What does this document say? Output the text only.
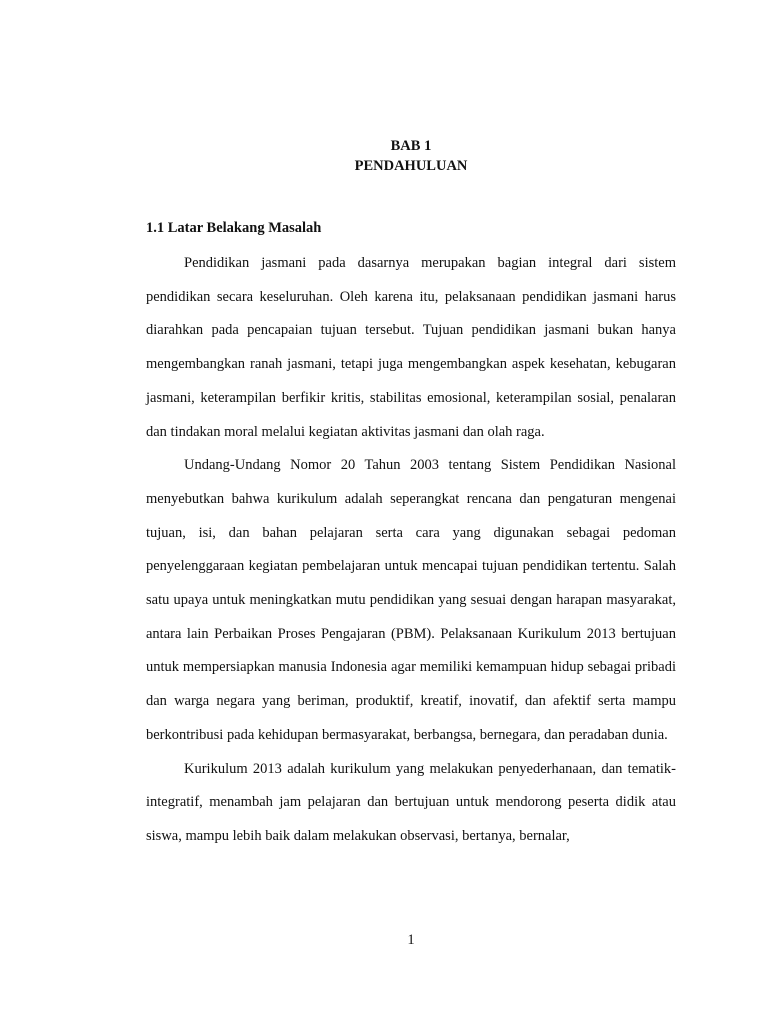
BAB 1
PENDAHULUAN
1.1 Latar Belakang Masalah

Pendidikan jasmani pada dasarnya merupakan bagian integral dari sistem pendidikan secara keseluruhan. Oleh karena itu, pelaksanaan pendidikan jasmani harus diarahkan pada pencapaian tujuan tersebut. Tujuan pendidikan jasmani bukan hanya mengembangkan ranah jasmani, tetapi juga mengembangkan aspek kesehatan, kebugaran jasmani, keterampilan berfikir kritis, stabilitas emosional, keterampilan sosial, penalaran dan tindakan moral melalui kegiatan aktivitas jasmani dan olah raga.

Undang-Undang Nomor 20 Tahun 2003 tentang Sistem Pendidikan Nasional menyebutkan bahwa kurikulum adalah seperangkat rencana dan pengaturan mengenai tujuan, isi, dan bahan pelajaran serta cara yang digunakan sebagai pedoman penyelenggaraan kegiatan pembelajaran untuk mencapai tujuan pendidikan tertentu. Salah satu upaya untuk meningkatkan mutu pendidikan yang sesuai dengan harapan masyarakat, antara lain Perbaikan Proses Pengajaran (PBM). Pelaksanaan Kurikulum 2013 bertujuan untuk mempersiapkan manusia Indonesia agar memiliki kemampuan hidup sebagai pribadi dan warga negara yang beriman, produktif, kreatif, inovatif, dan afektif serta mampu berkontribusi pada kehidupan bermasyarakat, berbangsa, bernegara, dan peradaban dunia.

Kurikulum 2013 adalah kurikulum yang melakukan penyederhanaan, dan tematik-integratif, menambah jam pelajaran dan bertujuan untuk mendorong peserta didik atau siswa, mampu lebih baik dalam melakukan observasi, bertanya, bernalar,

1
